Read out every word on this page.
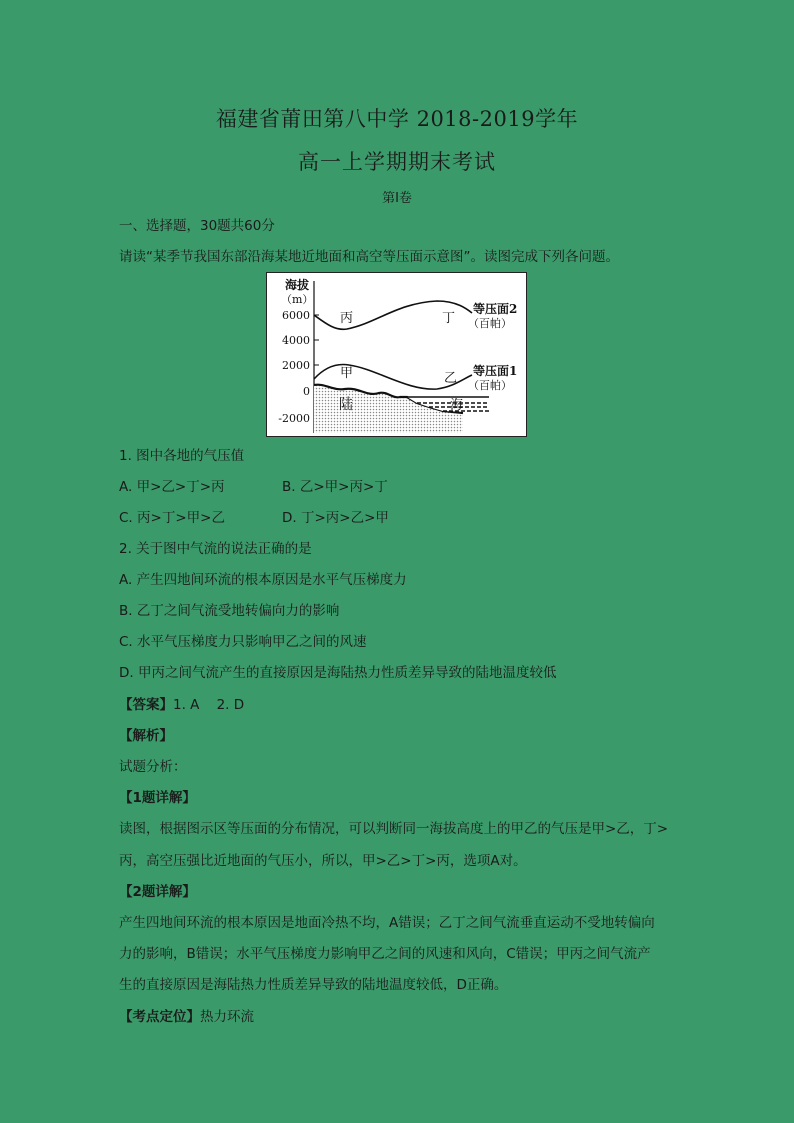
福建省莆田第八中学 2018-2019学年
高一上学期期末考试
第Ⅰ卷
一、选择题，30题共60分
请读“某季节我国东部沿海某地近地面和高空等压面示意图”。读图完成下列各问题。
海拔
（m）
6000
4000
2000
0
-2000
丙	丁
甲	乙
陆	海
等压面2
（百帕）
等压面1
（百帕）
1. 图中各地的气压值
A. 甲>乙>丁>丙	B. 乙>甲>丙>丁
C. 丙>丁>甲>乙	D. 丁>丙>乙>甲
2. 关于图中气流的说法正确的是
A. 产生四地间环流的根本原因是水平气压梯度力
B. 乙丁之间气流受地转偏向力的影响
C. 水平气压梯度力只影响甲乙之间的风速
D. 甲丙之间气流产生的直接原因是海陆热力性质差异导致的陆地温度较低
【答案】1. A    2. D
【解析】
试题分析：
【1题详解】
读图，根据图示区等压面的分布情况，可以判断同一海拔高度上的甲乙的气压是甲>乙，丁>
丙，高空压强比近地面的气压小，所以，甲>乙>丁>丙，选项A对。
【2题详解】
产生四地间环流的根本原因是地面冷热不均，A错误；乙丁之间气流垂直运动不受地转偏向
力的影响，B错误；水平气压梯度力影响甲乙之间的风速和风向，C错误；甲丙之间气流产
生的直接原因是海陆热力性质差异导致的陆地温度较低，D正确。
【考点定位】热力环流
